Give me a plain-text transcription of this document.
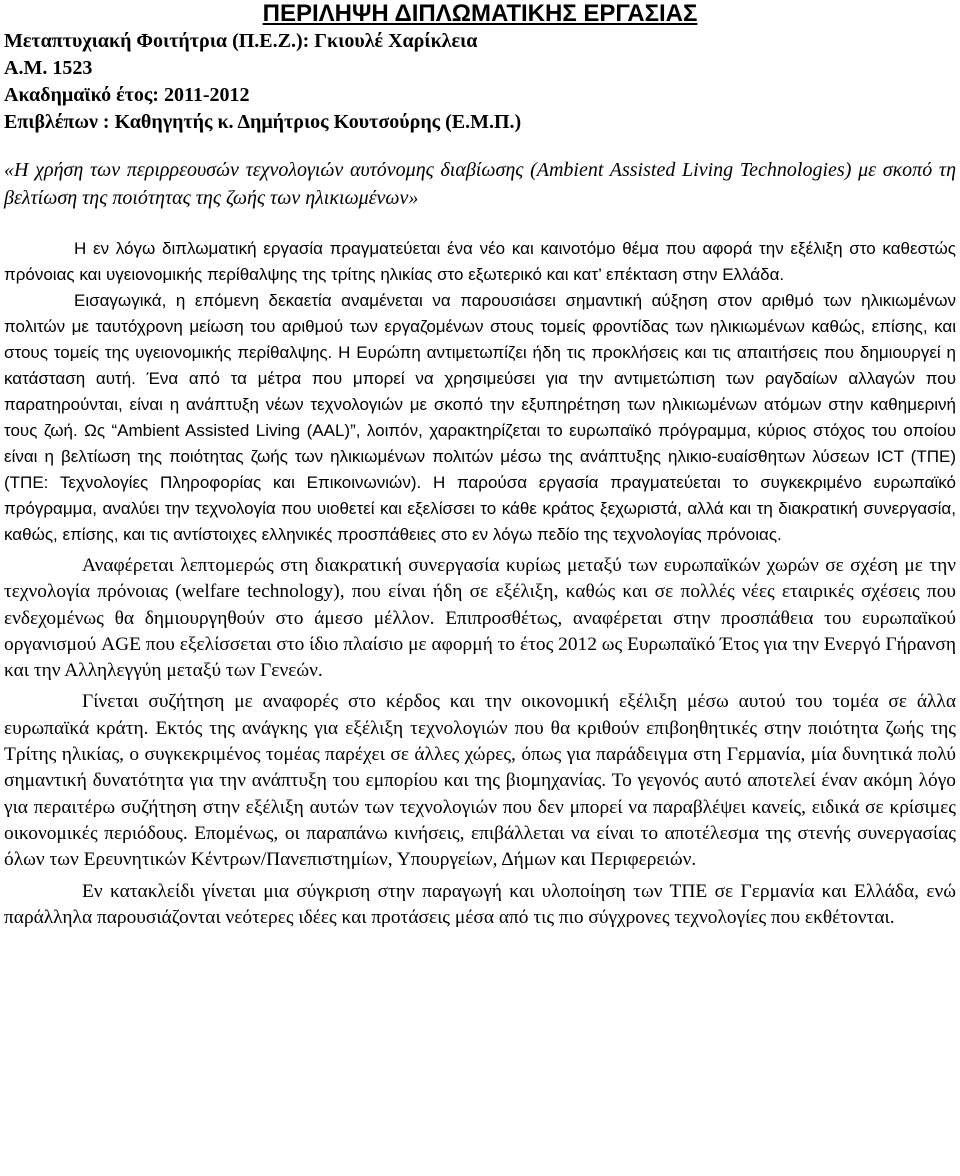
ΠΕΡΙΛΗΨΗ ΔΙΠΛΩΜΑΤΙΚΗΣ ΕΡΓΑΣΙΑΣ

Μεταπτυχιακή Φοιτήτρια (Π.Ε.Ζ.): Γκιουλέ Χαρίκλεια

Α.Μ. 1523

Ακαδημαϊκό έτος: 2011-2012

Επιβλέπων : Καθηγητής κ. Δημήτριος Κουτσούρης (Ε.Μ.Π.)

«Η χρήση των περιρρεουσών τεχνολογιών αυτόνομης διαβίωσης (Ambient Assisted Living Technologies) με σκοπό τη βελτίωση της ποιότητας της ζωής των ηλικιωμένων»

Η εν λόγω διπλωματική εργασία πραγματεύεται ένα νέο και καινοτόμο θέμα που αφορά την εξέλιξη στο καθεστώς πρόνοιας και υγειονομικής περίθαλψης της τρίτης ηλικίας στο εξωτερικό και κατ’ επέκταση στην Ελλάδα.

Εισαγωγικά, η επόμενη δεκαετία αναμένεται να παρουσιάσει σημαντική αύξηση στον αριθμό των ηλικιωμένων πολιτών με ταυτόχρονη μείωση του αριθμού των εργαζομένων στους τομείς φροντίδας των ηλικιωμένων καθώς, επίσης, και στους τομείς της υγειονομικής περίθαλψης. Η Ευρώπη αντιμετωπίζει ήδη τις προκλήσεις και τις απαιτήσεις που δημιουργεί η κατάσταση αυτή. Ένα από τα μέτρα που μπορεί να χρησιμεύσει για την αντιμετώπιση των ραγδαίων αλλαγών που παρατηρούνται, είναι η ανάπτυξη νέων τεχνολογιών με σκοπό την εξυπηρέτηση των ηλικιωμένων ατόμων στην καθημερινή τους ζωή. Ως “Ambient Assisted Living (AAL)”, λοιπόν, χαρακτηρίζεται το ευρωπαϊκό πρόγραμμα, κύριος στόχος του οποίου είναι η βελτίωση της ποιότητας ζωής των ηλικιωμένων πολιτών μέσω της ανάπτυξης ηλικιο-ευαίσθητων λύσεων ICT (ΤΠΕ) (ΤΠΕ: Τεχνολογίες Πληροφορίας και Επικοινωνιών). Η παρούσα εργασία πραγματεύεται το συγκεκριμένο ευρωπαϊκό πρόγραμμα, αναλύει την τεχνολογία που υιοθετεί και εξελίσσει το κάθε κράτος ξεχωριστά, αλλά και τη διακρατική συνεργασία, καθώς, επίσης, και τις αντίστοιχες ελληνικές προσπάθειες στο εν λόγω πεδίο της τεχνολογίας πρόνοιας.

Αναφέρεται λεπτομερώς στη διακρατική συνεργασία κυρίως μεταξύ των ευρωπαϊκών χωρών σε σχέση με την τεχνολογία πρόνοιας (welfare technology), που είναι ήδη σε εξέλιξη, καθώς και σε πολλές νέες εταιρικές σχέσεις που ενδεχομένως θα δημιουργηθούν στο άμεσο μέλλον. Επιπροσθέτως, αναφέρεται στην προσπάθεια του ευρωπαϊκού οργανισμού AGE που εξελίσσεται στο ίδιο πλαίσιο με αφορμή το έτος 2012 ως Ευρωπαϊκό Έτος για την Ενεργό Γήρανση και την Αλληλεγγύη μεταξύ των Γενεών.

Γίνεται συζήτηση με αναφορές στο κέρδος και την οικονομική εξέλιξη μέσω αυτού του τομέα σε άλλα ευρωπαϊκά κράτη. Εκτός της ανάγκης για εξέλιξη τεχνολογιών που θα κριθούν επιβοηθητικές στην ποιότητα ζωής της Τρίτης ηλικίας, ο συγκεκριμένος τομέας παρέχει σε άλλες χώρες, όπως για παράδειγμα στη Γερμανία, μία δυνητικά πολύ σημαντική δυνατότητα για την ανάπτυξη του εμπορίου και της βιομηχανίας. Το γεγονός αυτό αποτελεί έναν ακόμη λόγο για περαιτέρω συζήτηση στην εξέλιξη αυτών των τεχνολογιών που δεν μπορεί να παραβλέψει κανείς, ειδικά σε κρίσιμες οικονομικές περιόδους. Επομένως, οι παραπάνω κινήσεις, επιβάλλεται να είναι το αποτέλεσμα της στενής συνεργασίας όλων των Ερευνητικών Κέντρων/Πανεπιστημίων, Υπουργείων, Δήμων και Περιφερειών.

Εν κατακλείδι γίνεται μια σύγκριση στην παραγωγή και υλοποίηση των ΤΠΕ σε Γερμανία και Ελλάδα, ενώ παράλληλα παρουσιάζονται νεότερες ιδέες και προτάσεις μέσα από τις πιο σύγχρονες τεχνολογίες που εκθέτονται.
